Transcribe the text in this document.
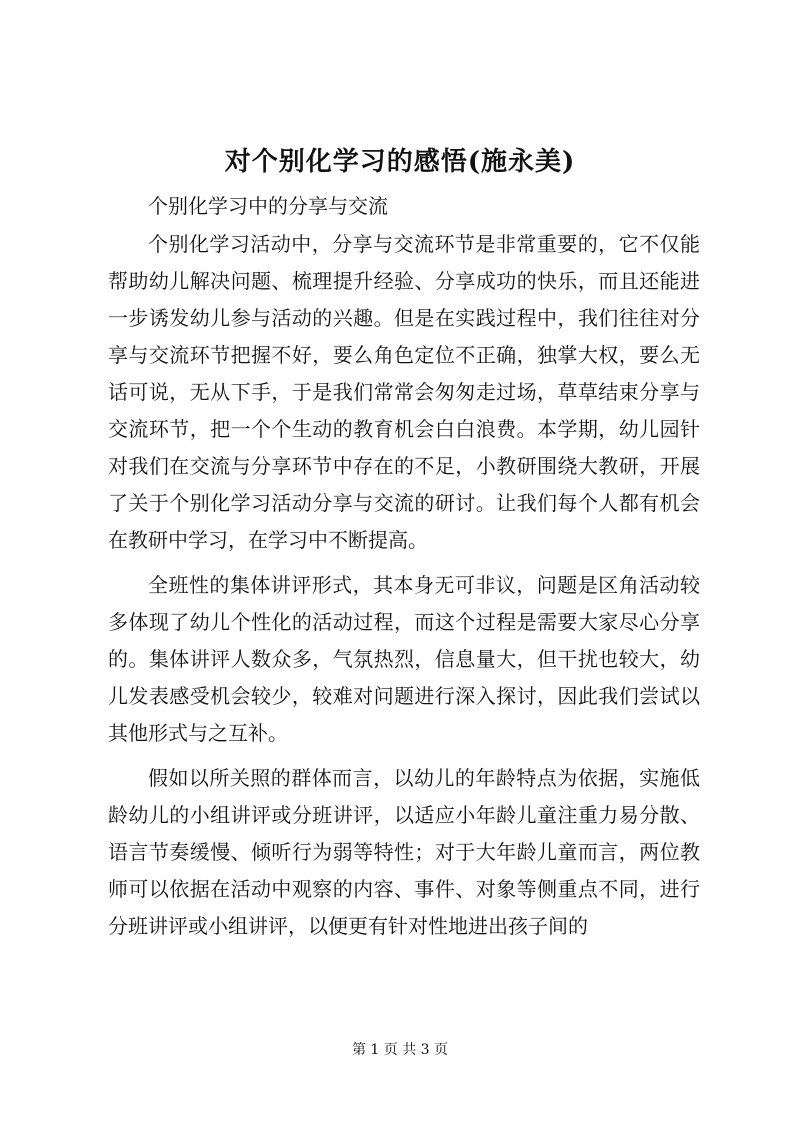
对个别化学习的感悟(施永美)

个别化学习中的分享与交流

个别化学习活动中，分享与交流环节是非常重要的，它不仅能帮助幼儿解决问题、梳理提升经验、分享成功的快乐，而且还能进一步诱发幼儿参与活动的兴趣。但是在实践过程中，我们往往对分享与交流环节把握不好，要么角色定位不正确，独掌大权，要么无话可说，无从下手，于是我们常常会匆匆走过场，草草结束分享与交流环节，把一个个生动的教育机会白白浪费。本学期，幼儿园针对我们在交流与分享环节中存在的不足，小教研围绕大教研，开展了关于个别化学习活动分享与交流的研讨。让我们每个人都有机会在教研中学习，在学习中不断提高。

全班性的集体讲评形式，其本身无可非议，问题是区角活动较多体现了幼儿个性化的活动过程，而这个过程是需要大家尽心分享的。集体讲评人数众多，气氛热烈，信息量大，但干扰也较大，幼儿发表感受机会较少，较难对问题进行深入探讨，因此我们尝试以其他形式与之互补。

假如以所关照的群体而言，以幼儿的年龄特点为依据，实施低龄幼儿的小组讲评或分班讲评，以适应小年龄儿童注重力易分散、语言节奏缓慢、倾听行为弱等特性；对于大年龄儿童而言，两位教师可以依据在活动中观察的内容、事件、对象等侧重点不同，进行分班讲评或小组讲评，以便更有针对性地进出孩子间的

第 1 页 共 3 页
